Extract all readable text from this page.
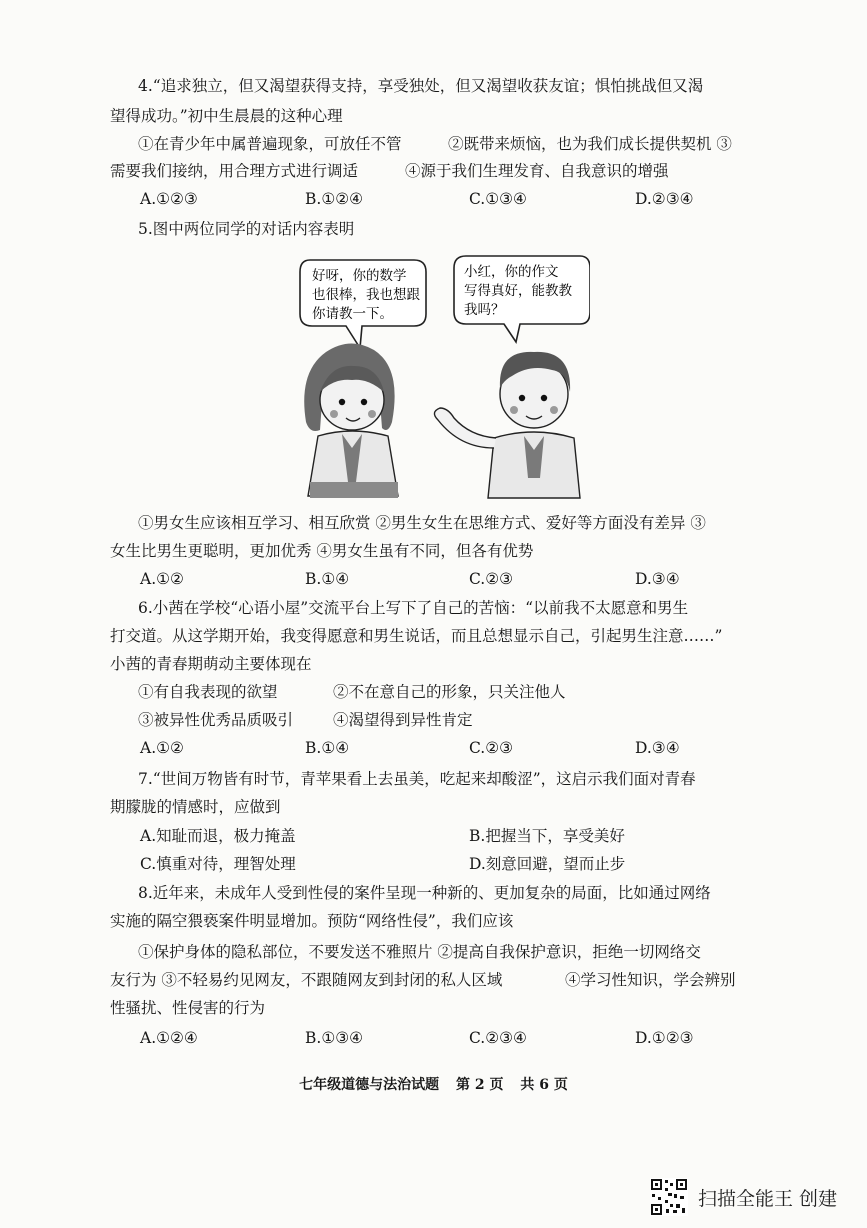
4.“追求独立，但又渴望获得支持，享受独处，但又渴望收获友谊；惧怕挑战但又渴
望得成功。”初中生晨晨的这种心理
①在青少年中属普遍现象，可放任不管	②既带来烦恼，也为我们成长提供契机 ③
需要我们接纳，用合理方式进行调适	④源于我们生理发育、自我意识的增强
A.①②③	B.①②④	C.①③④	D.②③④
5.图中两位同学的对话内容表明
好呀，你的数学
也很棒，我也想跟
你请教一下。
小红，你的作文
写得真好，能教教
我吗？
①男女生应该相互学习、相互欣赏 ②男生女生在思维方式、爱好等方面没有差异 ③
女生比男生更聪明，更加优秀 ④男女生虽有不同，但各有优势
A.①②	B.①④	C.②③	D.③④
6.小茜在学校“心语小屋”交流平台上写下了自己的苦恼：“以前我不太愿意和男生
打交道。从这学期开始，我变得愿意和男生说话，而且总想显示自己，引起男生注意……”
小茜的青春期萌动主要体现在
①有自我表现的欲望	②不在意自己的形象，只关注他人
③被异性优秀品质吸引	④渴望得到异性肯定
A.①②	B.①④	C.②③	D.③④
7.“世间万物皆有时节，青苹果看上去虽美，吃起来却酸涩”，这启示我们面对青春
期朦胧的情感时，应做到
A.知耻而退，极力掩盖	B.把握当下，享受美好
C.慎重对待，理智处理	D.刻意回避，望而止步
8.近年来，未成年人受到性侵的案件呈现一种新的、更加复杂的局面，比如通过网络
实施的隔空猥亵案件明显增加。预防“网络性侵”，我们应该
①保护身体的隐私部位，不要发送不雅照片 ②提高自我保护意识，拒绝一切网络交
友行为 ③不轻易约见网友，不跟随网友到封闭的私人区域	④学习性知识，学会辨别
性骚扰、性侵害的行为
A.①②④	B.①③④	C.②③④	D.①②③
七年级道德与法治试题 第 2 页 共 6 页
扫描全能王 创建
